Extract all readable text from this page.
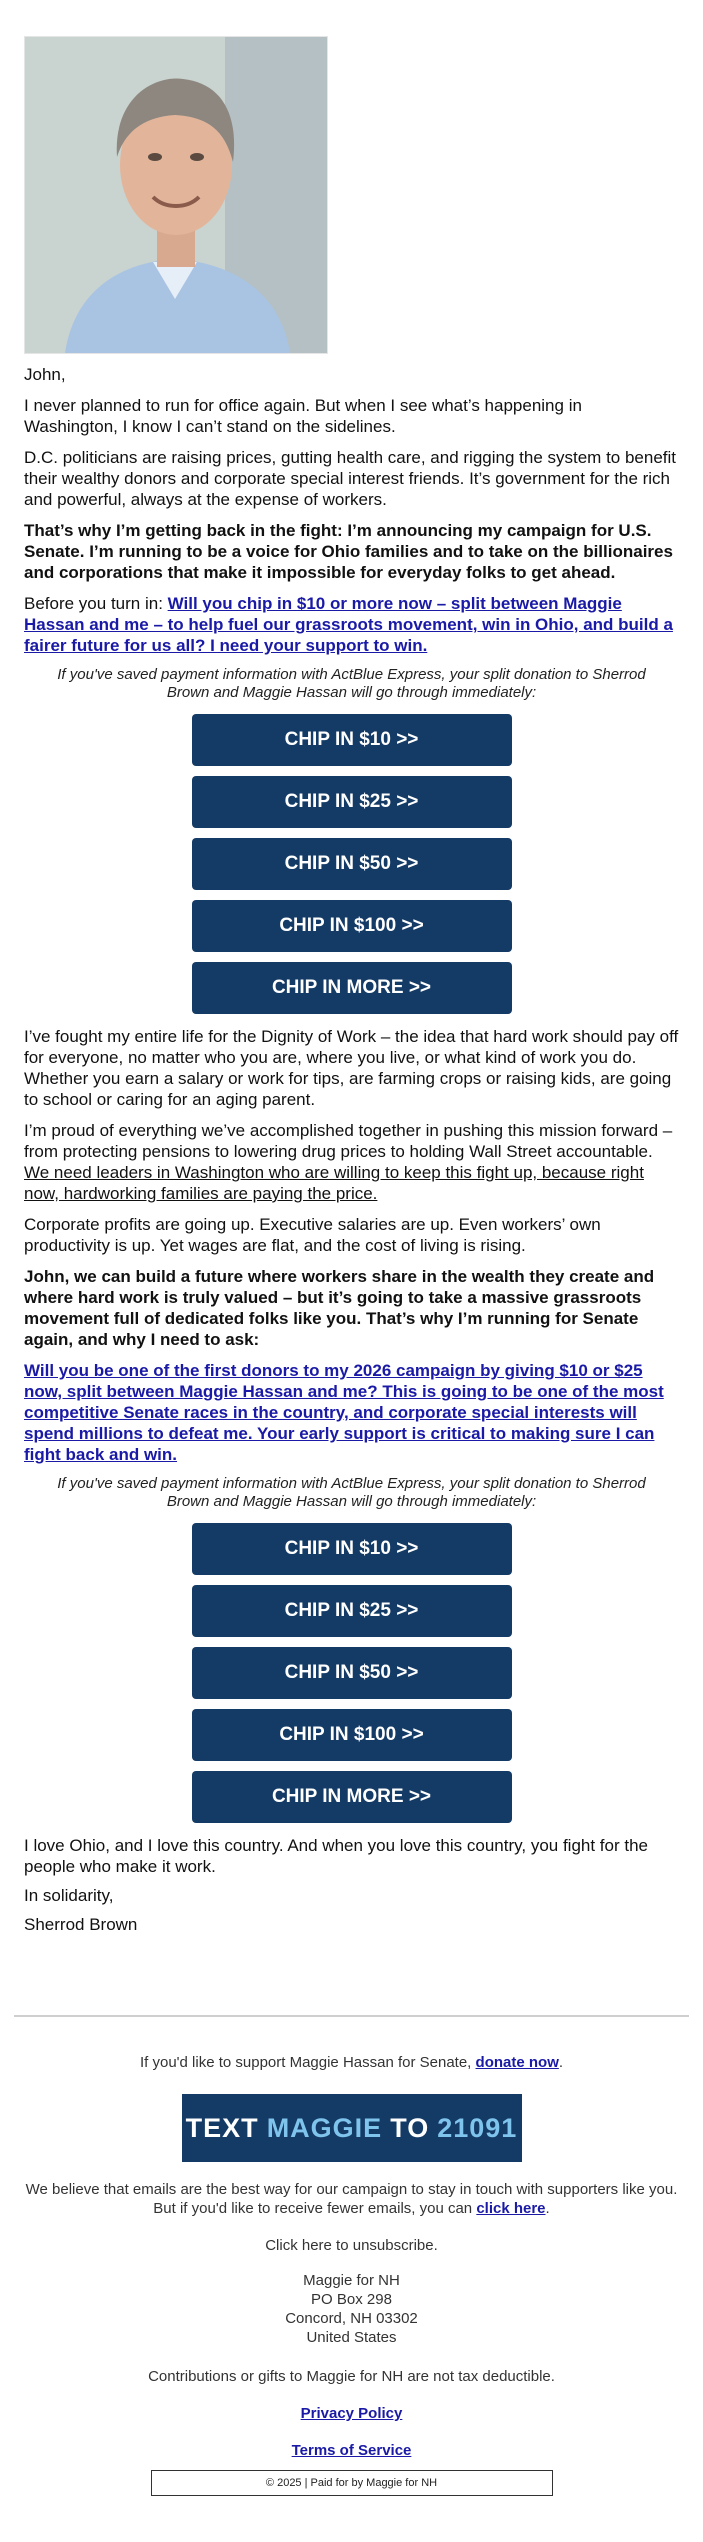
John,

I never planned to run for office again. But when I see what’s happening in Washington, I know I can’t stand on the sidelines.

D.C. politicians are raising prices, gutting health care, and rigging the system to benefit their wealthy donors and corporate special interest friends. It’s government for the rich and powerful, always at the expense of workers.

That’s why I’m getting back in the fight: I’m announcing my campaign for U.S. Senate. I’m running to be a voice for Ohio families and to take on the billionaires and corporations that make it impossible for everyday folks to get ahead.

Before you turn in: Will you chip in $10 or more now – split between Maggie Hassan and me – to help fuel our grassroots movement, win in Ohio, and build a fairer future for us all? I need your support to win.

If you've saved payment information with ActBlue Express, your split donation to Sherrod Brown and Maggie Hassan will go through immediately:
CHIP IN $10 >>
CHIP IN $25 >>
CHIP IN $50 >>
CHIP IN $100 >>
CHIP IN MORE >>

I’ve fought my entire life for the Dignity of Work – the idea that hard work should pay off for everyone, no matter who you are, where you live, or what kind of work you do. Whether you earn a salary or work for tips, are farming crops or raising kids, are going to school or caring for an aging parent.

I’m proud of everything we’ve accomplished together in pushing this mission forward – from protecting pensions to lowering drug prices to holding Wall Street accountable. We need leaders in Washington who are willing to keep this fight up, because right now, hardworking families are paying the price.

Corporate profits are going up. Executive salaries are up. Even workers’ own productivity is up. Yet wages are flat, and the cost of living is rising.

John, we can build a future where workers share in the wealth they create and where hard work is truly valued – but it’s going to take a massive grassroots movement full of dedicated folks like you. That’s why I’m running for Senate again, and why I need to ask:

Will you be one of the first donors to my 2026 campaign by giving $10 or $25 now, split between Maggie Hassan and me? This is going to be one of the most competitive Senate races in the country, and corporate special interests will spend millions to defeat me. Your early support is critical to making sure I can fight back and win.

If you've saved payment information with ActBlue Express, your split donation to Sherrod Brown and Maggie Hassan will go through immediately:
CHIP IN $10 >>
CHIP IN $25 >>
CHIP IN $50 >>
CHIP IN $100 >>
CHIP IN MORE >>

I love Ohio, and I love this country. And when you love this country, you fight for the people who make it work.

In solidarity,

Sherrod Brown

If you'd like to support Maggie Hassan for Senate, donate now.

TEXT MAGGIE TO 21091

We believe that emails are the best way for our campaign to stay in touch with supporters like you. But if you'd like to receive fewer emails, you can click here.

Click here to unsubscribe.

Maggie for NH

PO Box 298

Concord, NH 03302

United States

Contributions or gifts to Maggie for NH are not tax deductible.

Privacy Policy

Terms of Service

© 2025 | Paid for by Maggie for NH
